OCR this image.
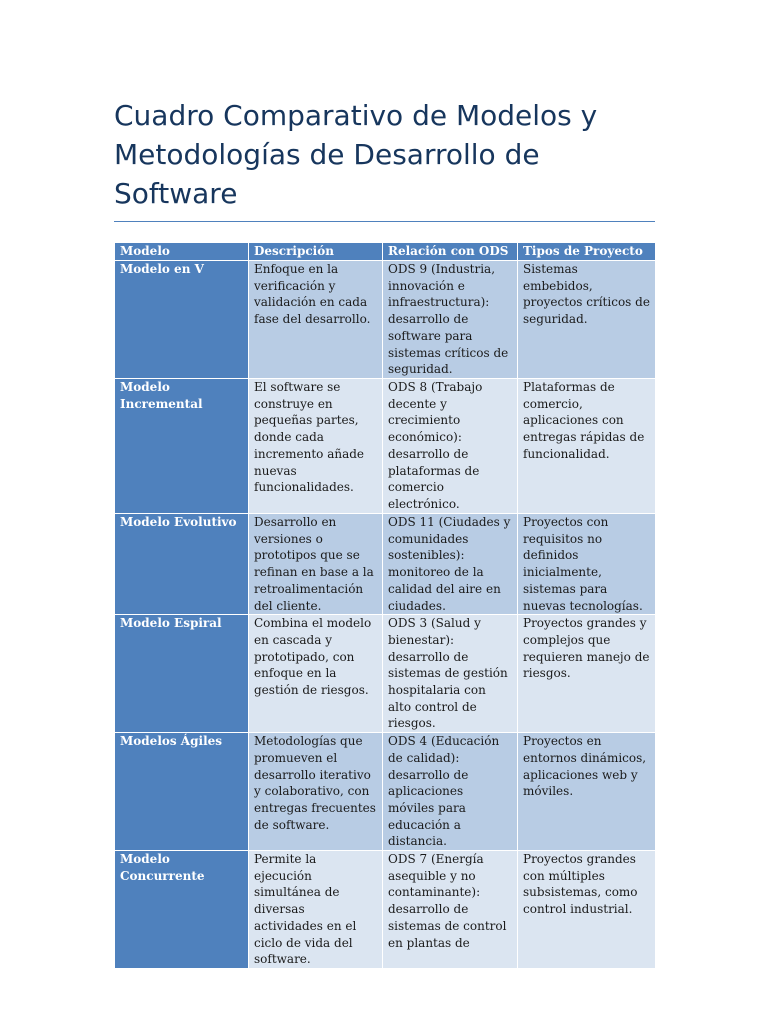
Cuadro Comparativo de Modelos y Metodologías de Desarrollo de Software
Modelo	Descripción	Relación con ODS	Tipos de Proyecto
Modelo en V	Enfoque en la verificación y validación en cada fase del desarrollo.	ODS 9 (Industria, innovación e infraestructura): desarrollo de software para sistemas críticos de seguridad.	Sistemas embebidos, proyectos críticos de seguridad.
Modelo Incremental	El software se construye en pequeñas partes, donde cada incremento añade nuevas funcionalidades.	ODS 8 (Trabajo decente y crecimiento económico): desarrollo de plataformas de comercio electrónico.	Plataformas de comercio, aplicaciones con entregas rápidas de funcionalidad.
Modelo Evolutivo	Desarrollo en versiones o prototipos que se refinan en base a la retroalimentación del cliente.	ODS 11 (Ciudades y comunidades sostenibles): monitoreo de la calidad del aire en ciudades.	Proyectos con requisitos no definidos inicialmente, sistemas para nuevas tecnologías.
Modelo Espiral	Combina el modelo en cascada y prototipado, con enfoque en la gestión de riesgos.	ODS 3 (Salud y bienestar): desarrollo de sistemas de gestión hospitalaria con alto control de riesgos.	Proyectos grandes y complejos que requieren manejo de riesgos.
Modelos Ágiles	Metodologías que promueven el desarrollo iterativo y colaborativo, con entregas frecuentes de software.	ODS 4 (Educación de calidad): desarrollo de aplicaciones móviles para educación a distancia.	Proyectos en entornos dinámicos, aplicaciones web y móviles.
Modelo Concurrente	Permite la ejecución simultánea de diversas actividades en el ciclo de vida del software.	ODS 7 (Energía asequible y no contaminante): desarrollo de sistemas de control en plantas de	Proyectos grandes con múltiples subsistemas, como control industrial.
